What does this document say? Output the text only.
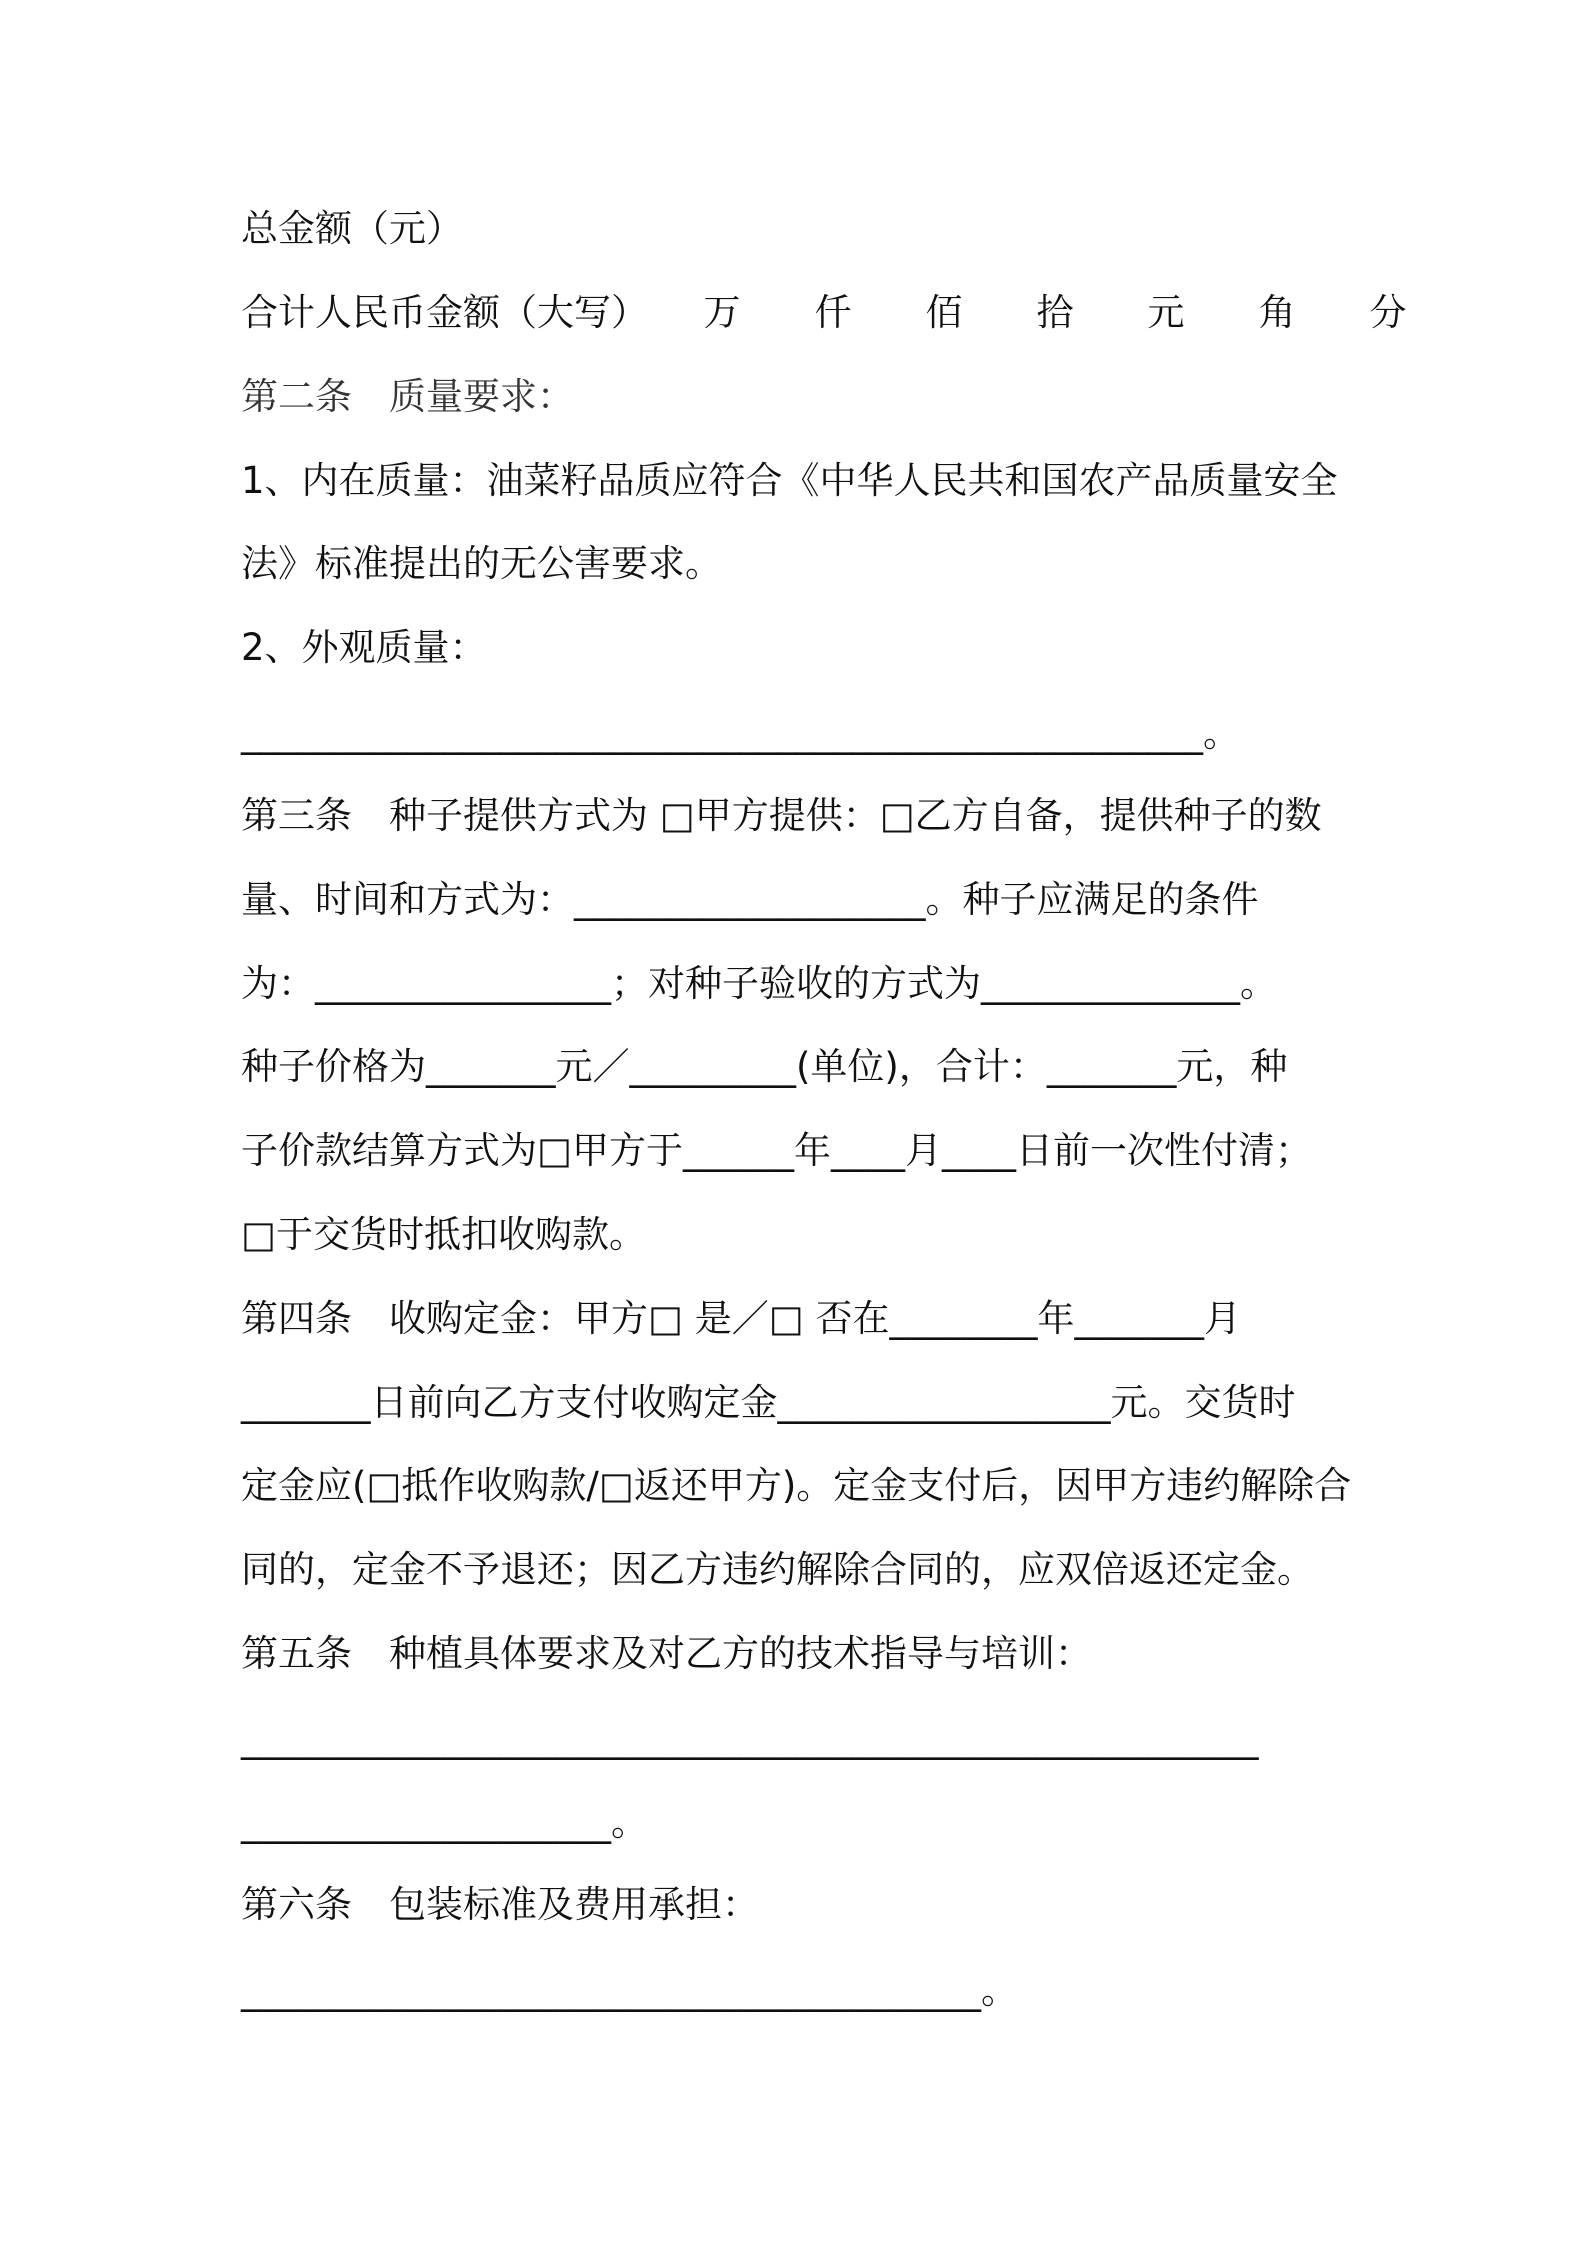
总金额（元）

合计人民币金额（大写）　　万　　仟　　佰　　拾　　元　　角　　分

第二条　质量要求：

1、内在质量：油菜籽品质应符合《中华人民共和国农产品质量安全

法》标准提出的无公害要求。

2、外观质量：

____________________________________________________。

第三条　种子提供方式为 □甲方提供：□乙方自备，提供种子的数

量、时间和方式为：___________________。种子应满足的条件

为：________________；对种子验收的方式为______________。

种子价格为_______元／_________(单位)，合计：_______元，种

子价款结算方式为□甲方于______年____月____日前一次性付清；

□于交货时抵扣收购款。

第四条　收购定金：甲方□ 是／□ 否在________年_______月

_______日前向乙方支付收购定金__________________元。交货时

定金应(□抵作收购款/□返还甲方)。定金支付后，因甲方违约解除合

同的，定金不予退还；因乙方违约解除合同的，应双倍返还定金。

第五条　种植具体要求及对乙方的技术指导与培训：

_______________________________________________________

____________________。

第六条　包装标准及费用承担：

________________________________________。
